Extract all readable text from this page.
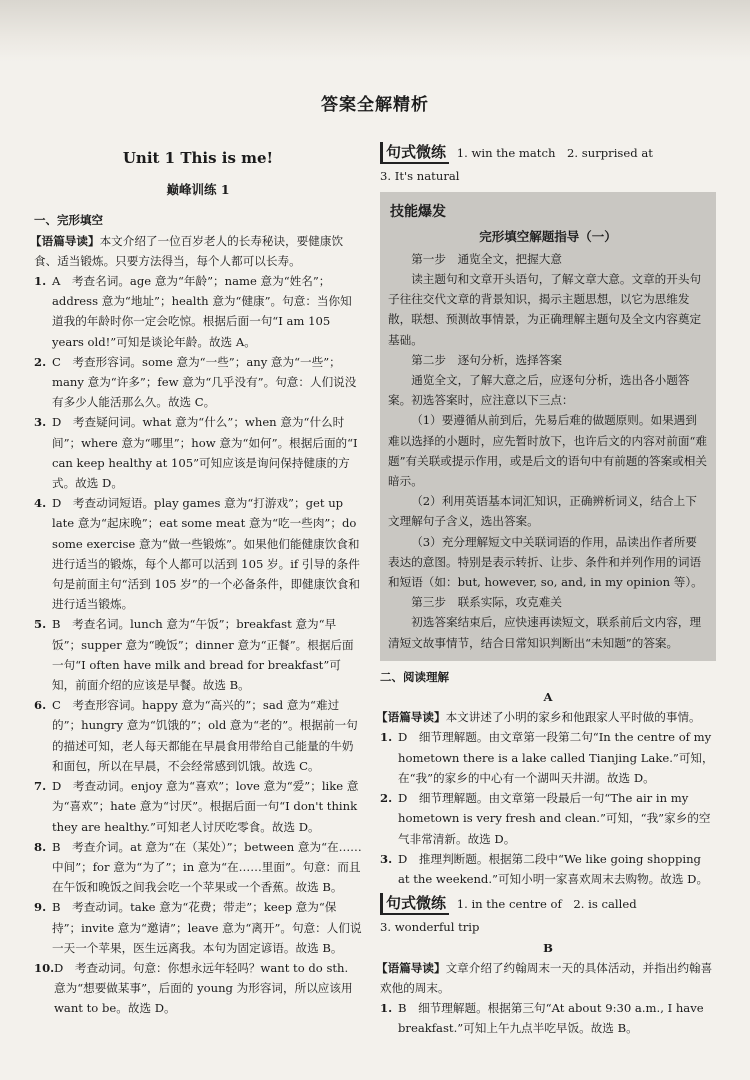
答案全解精析
Unit 1 This is me!
巅峰训练 1
一、完形填空

【语篇导读】本文介绍了一位百岁老人的长寿秘诀，要健康饮食、适当锻炼。只要方法得当，每个人都可以长寿。

1. A　考查名词。age 意为“年龄”；name 意为“姓名”；address 意为“地址”；health 意为“健康”。句意：当你知道我的年龄时你一定会吃惊。根据后面一句“I am 105 years old!”可知是谈论年龄。故选 A。
2. C　考查形容词。some 意为“一些”；any 意为“一些”；many 意为“许多”；few 意为“几乎没有”。句意：人们说没有多少人能活那么久。故选 C。
3. D　考查疑问词。what 意为“什么”；when 意为“什么时间”；where 意为“哪里”；how 意为“如何”。根据后面的“I can keep healthy at 105”可知应该是询问保持健康的方式。故选 D。
4. D　考查动词短语。play games 意为“打游戏”；get up late 意为“起床晚”；eat some meat 意为“吃一些肉”；do some exercise 意为“做一些锻炼”。如果他们能健康饮食和进行适当的锻炼，每个人都可以活到 105 岁。if 引导的条件句是前面主句“活到 105 岁”的一个必备条件，即健康饮食和进行适当锻炼。
5. B　考查名词。lunch 意为“午饭”；breakfast 意为“早饭”；supper 意为“晚饭”；dinner 意为“正餐”。根据后面一句“I often have milk and bread for breakfast”可知，前面介绍的应该是早餐。故选 B。
6. C　考查形容词。happy 意为“高兴的”；sad 意为“难过的”；hungry 意为“饥饿的”；old 意为“老的”。根据前一句的描述可知，老人每天都能在早晨食用带给自己能量的牛奶和面包，所以在早晨，不会经常感到饥饿。故选 C。
7. D　考查动词。enjoy 意为“喜欢”；love 意为“爱”；like 意为“喜欢”；hate 意为“讨厌”。根据后面一句“I don't think they are healthy.”可知老人讨厌吃零食。故选 D。
8. B　考查介词。at 意为“在（某处）”；between 意为“在……中间”；for 意为“为了”；in 意为“在……里面”。句意：而且在午饭和晚饭之间我会吃一个苹果或一个香蕉。故选 B。
9. B　考查动词。take 意为“花费；带走”；keep 意为“保持”；invite 意为“邀请”；leave 意为“离开”。句意：人们说一天一个苹果，医生远离我。本句为固定谚语。故选 B。
10. D　考查动词。句意：你想永远年轻吗？want to do sth. 意为“想要做某事”，后面的 young 为形容词，所以应该用 want to be。故选 D。
句式微练 1. win the match　2. surprised at

3. It's natural

技能爆发
完形填空解题指导（一）
第一步　通览全文，把握大意

读主题句和文章开头语句，了解文章大意。文章的开头句子往往交代文章的背景知识，揭示主题思想，以它为思维发散，联想、预测故事情景，为正确理解主题句及全文内容奠定基础。

第二步　逐句分析，选择答案

通览全文，了解大意之后，应逐句分析，选出各小题答案。初选答案时，应注意以下三点：

（1）要遵循从前到后，先易后难的做题原则。如果遇到难以选择的小题时，应先暂时放下，也许后文的内容对前面“难题”有关联或提示作用，或是后文的语句中有前题的答案或相关暗示。

（2）利用英语基本词汇知识，正确辨析词义，结合上下文理解句子含义，选出答案。

（3）充分理解短文中关联词语的作用，品读出作者所要表达的意图。特别是表示转折、让步、条件和并列作用的词语和短语（如：but, however, so, and, in my opinion 等）。

第三步　联系实际，攻克难关

初选答案结束后，应快速再读短文，联系前后文内容，理清短文故事情节，结合日常知识判断出“未知题”的答案。

二、阅读理解
A

【语篇导读】本文讲述了小明的家乡和他跟家人平时做的事情。

1. D　细节理解题。由文章第一段第二句“In the centre of my hometown there is a lake called Tianjing Lake.”可知，在“我”的家乡的中心有一个湖叫天井湖。故选 D。
2. D　细节理解题。由文章第一段最后一句“The air in my hometown is very fresh and clean.”可知，“我”家乡的空气非常清新。故选 D。
3. D　推理判断题。根据第二段中“We like going shopping at the weekend.”可知小明一家喜欢周末去购物。故选 D。
句式微练 1. in the centre of　2. is called

3. wonderful trip

B

【语篇导读】文章介绍了约翰周末一天的具体活动，并指出约翰喜欢他的周末。

1. B　细节理解题。根据第三句“At about 9:30 a.m., I have breakfast.”可知上午九点半吃早饭。故选 B。
